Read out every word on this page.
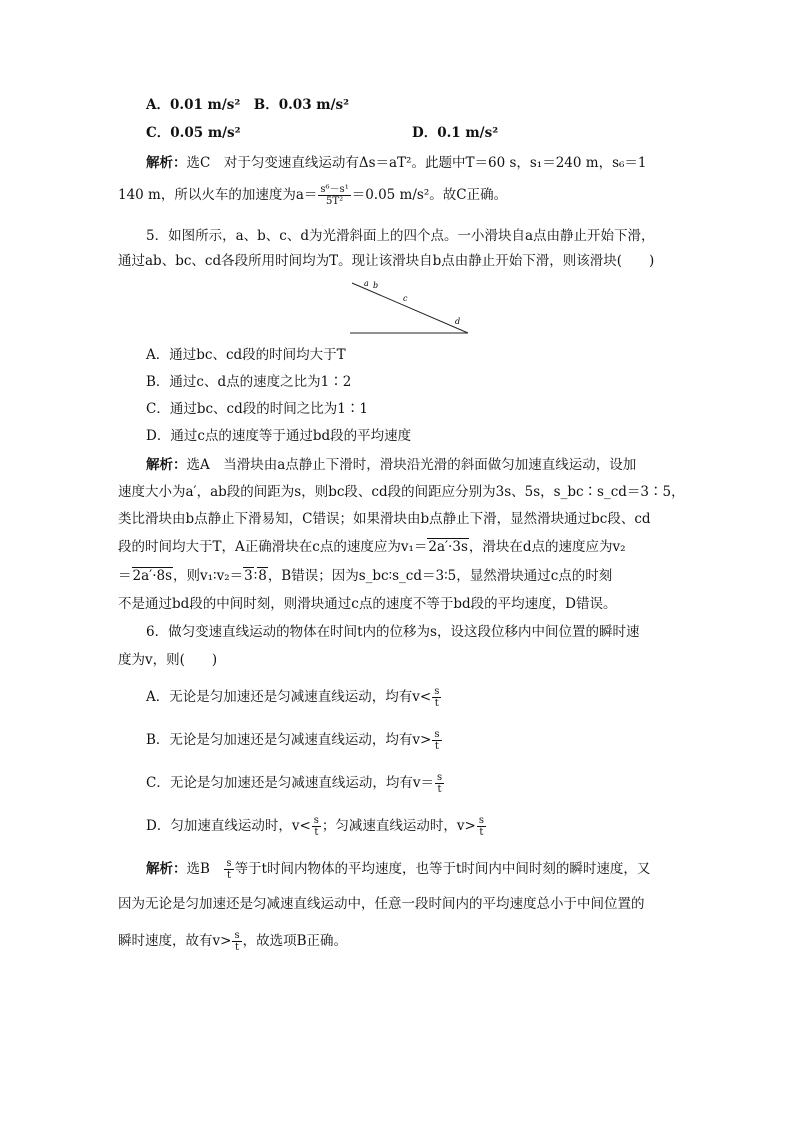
A．0.01 m/s²　 B．0.03 m/s²
C．0.05 m/s²	D．0.1 m/s²
解析：选C　对于匀变速直线运动有Δs＝aT²。此题中T＝60 s，s₁＝240 m，s₆＝1
140 m，所以火车的加速度为$a= \frac{\text{s⁶－s¹}}{\text{5T²}} =0.05$ m/s²。故C正确。
5．如图所示，a、b、c、d为光滑斜面上的四个点。一小滑块自a点由静止开始下滑，
通过ab、bc、cd各段所用时间均为T。现让该滑块自b点由静止开始下滑，则该滑块(　　)
a b
c
d
A．通过bc、cd段的时间均大于T
B．通过c、d点的速度之比为1∶2
C．通过bc、cd段的时间之比为1∶1
D．通过c点的速度等于通过bd段的平均速度
解析：选A　当滑块由a点静止下滑时，滑块沿光滑的斜面做匀加速直线运动，设加
速度大小为a′，ab段的间距为s，则bc段、cd段的间距应分别为3s、5s，s_bc∶s_cd＝3∶5，
类比滑块由b点静止下滑易知，C错误；如果滑块由b点静止下滑，显然滑块通过bc段、cd
段的时间均大于T，A正确滑块在c点的速度应为v₁＝2a′·3s，滑块在d点的速度应为v₂
＝2a′·8s，则v₁∶v₂＝3∶8，B错误；因为s_bc∶s_cd＝3∶5，显然滑块通过c点的时刻
不是通过bd段的中间时刻，则滑块通过c点的速度不等于bd段的平均速度，D错误。
6．做匀变速直线运动的物体在时间t内的位移为s，设这段位移内中间位置的瞬时速
度为v，则(　　)
A．无论是匀加速还是匀减速直线运动，均有$v< \frac{s}{t}$
B．无论是匀加速还是匀减速直线运动，均有$v> \frac{s}{t}$
C．无论是匀加速还是匀减速直线运动，均有$v= \frac{s}{t}$
D．匀加速直线运动时，$v< \frac{s}{t}$ ；匀减速直线运动时，$v> \frac{s}{t}$
解析：选B　 $\frac{s}{t}$ 等于t时间内物体的平均速度，也等于t时间内中间时刻的瞬时速度，又
因为无论是匀加速还是匀减速直线运动中，任意一段时间内的平均速度总小于中间位置的
瞬时速度，故有$v> \frac{s}{t}$ ，故选项B正确。
